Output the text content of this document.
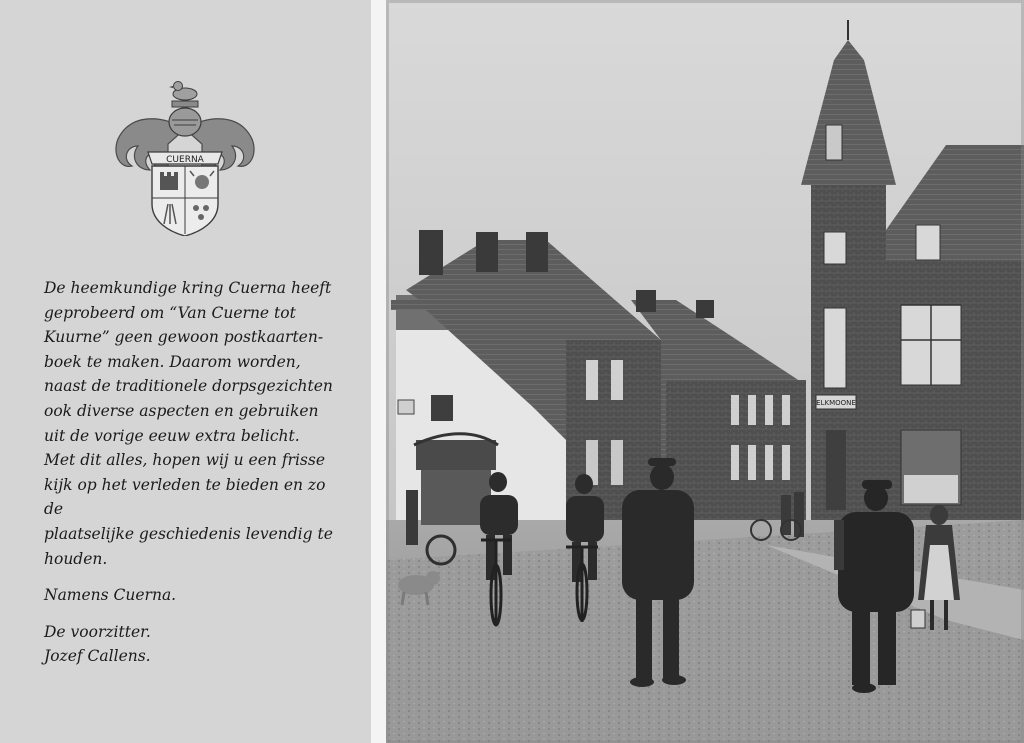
CUERNA

De heemkundige kring Cuerna heeft

geprobeerd om “Van Cuerne tot

Kuurne” geen gewoon postkaarten-

boek te maken. Daarom worden,

naast de traditionele dorpsgezichten

ook diverse aspecten en gebruiken

uit de vorige eeuw extra belicht.

Met dit alles, hopen wij u een frisse

kijk op het verleden te bieden en zo de

plaatselijke geschiedenis levendig te

houden.

Namens Cuerna.

De voorzitter.

Jozef Callens.

ELKMOONE
